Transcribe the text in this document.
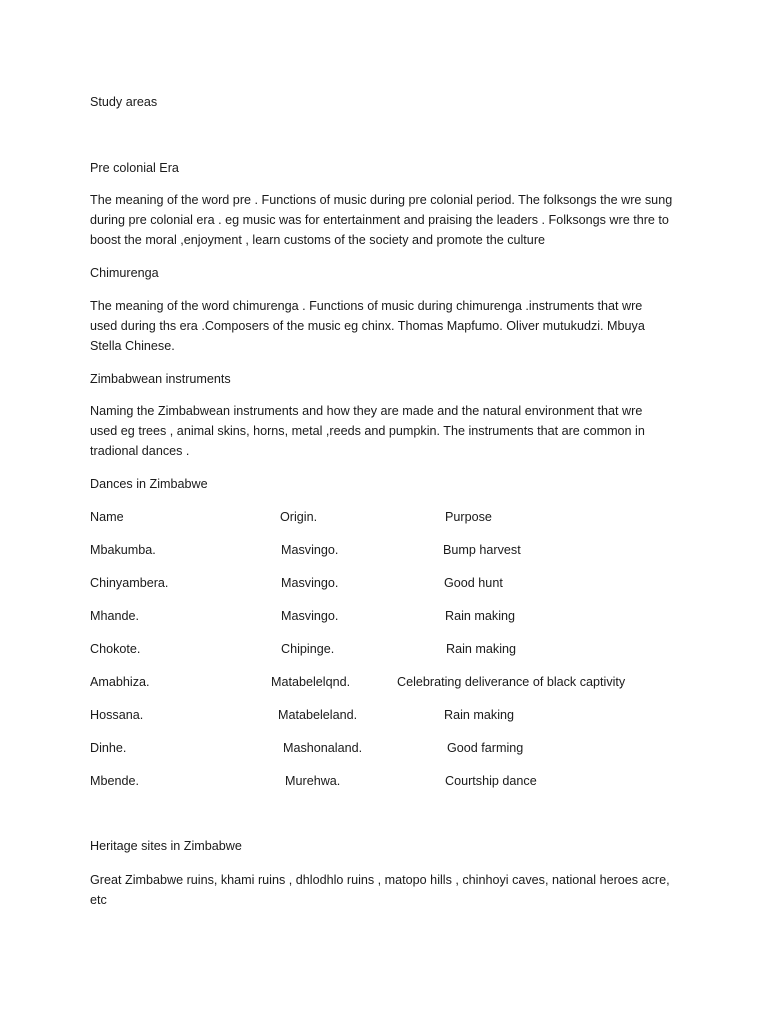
Study areas
Pre colonial Era
The meaning of the word pre . Functions of music during pre colonial period. The folksongs the wre sung
during pre colonial era . eg music was for entertainment and praising the leaders . Folksongs wre thre to
boost the moral ,enjoyment , learn customs of the society and promote the culture
Chimurenga
The meaning of the word chimurenga . Functions of music during chimurenga .instruments that wre
used during ths era .Composers of the music eg chinx. Thomas Mapfumo. Oliver mutukudzi. Mbuya
Stella Chinese.
Zimbabwean instruments
Naming the Zimbabwean instruments and how they are made and the natural environment that wre
used eg trees , animal skins, horns, metal ,reeds and pumpkin. The instruments that are common in
tradional dances .
Dances in Zimbabwe
Name	Origin.	Purpose
Mbakumba.	Masvingo.	Bump harvest
Chinyambera.	Masvingo.	Good hunt
Mhande.	Masvingo.	Rain making
Chokote.	Chipinge.	Rain making
Amabhiza.	Matabelelqnd.	Celebrating deliverance of black captivity
Hossana.	Matabeleland.	Rain making
Dinhe.	Mashonaland.	Good farming
Mbende.	Murehwa.	Courtship dance
Heritage sites in Zimbabwe
Great Zimbabwe ruins, khami ruins , dhlodhlo ruins , matopo hills , chinhoyi caves, national heroes acre,
etc
